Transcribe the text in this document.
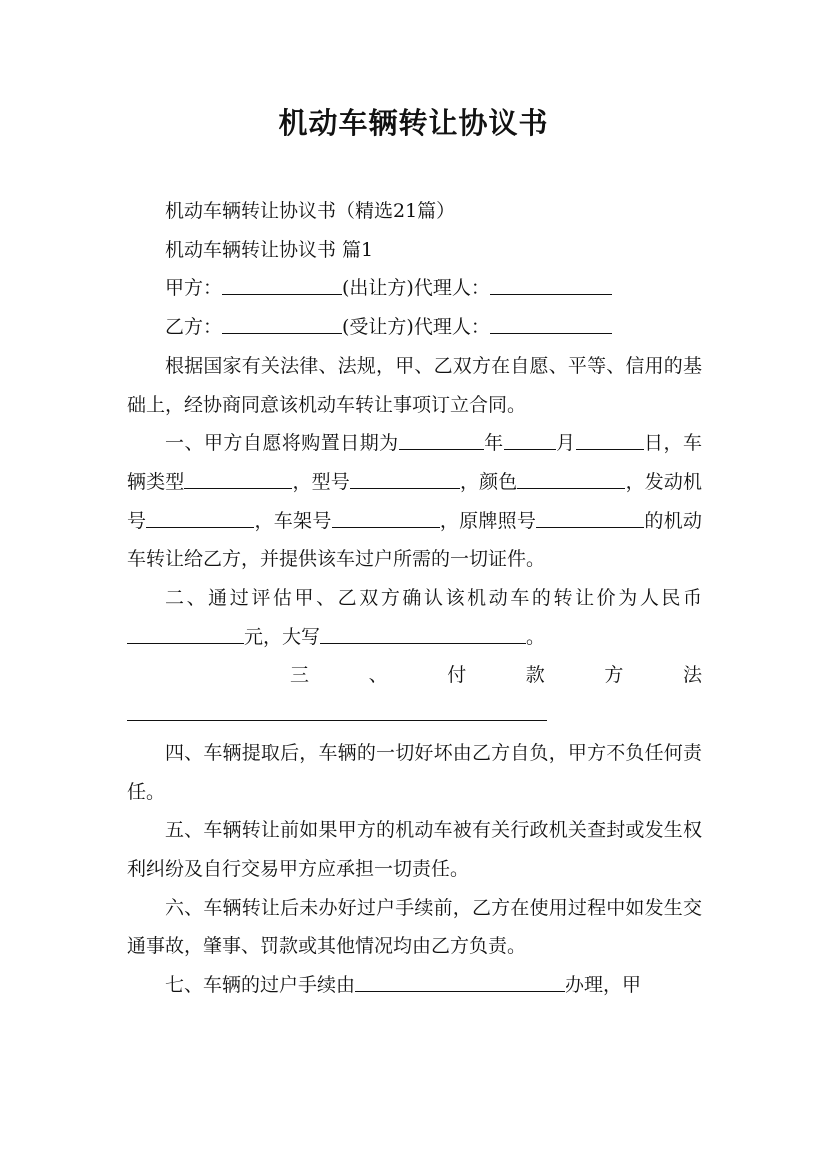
机动车辆转让协议书

机动车辆转让协议书（精选21篇）

机动车辆转让协议书 篇1

甲方：	(出让方)代理人：

乙方：	(受让方)代理人：

根据国家有关法律、法规，甲、乙双方在自愿、平等、信用的基础上，经协商同意该机动车转让事项订立合同。

一、甲方自愿将购置日期为	年	月	日，车辆类型	，型号	，颜色	，发动机号	，车架号	，原牌照号	的机动车转让给乙方，并提供该车过户所需的一切证件。

二、通过评估甲、乙双方确认该机动车的转让价为人民币元，大写	。

三	、	付	款	方	法

四、车辆提取后，车辆的一切好坏由乙方自负，甲方不负任何责任。

五、车辆转让前如果甲方的机动车被有关行政机关查封或发生权利纠纷及自行交易甲方应承担一切责任。

六、车辆转让后未办好过户手续前，乙方在使用过程中如发生交通事故，肇事、罚款或其他情况均由乙方负责。

七、车辆的过户手续由	办理，甲
